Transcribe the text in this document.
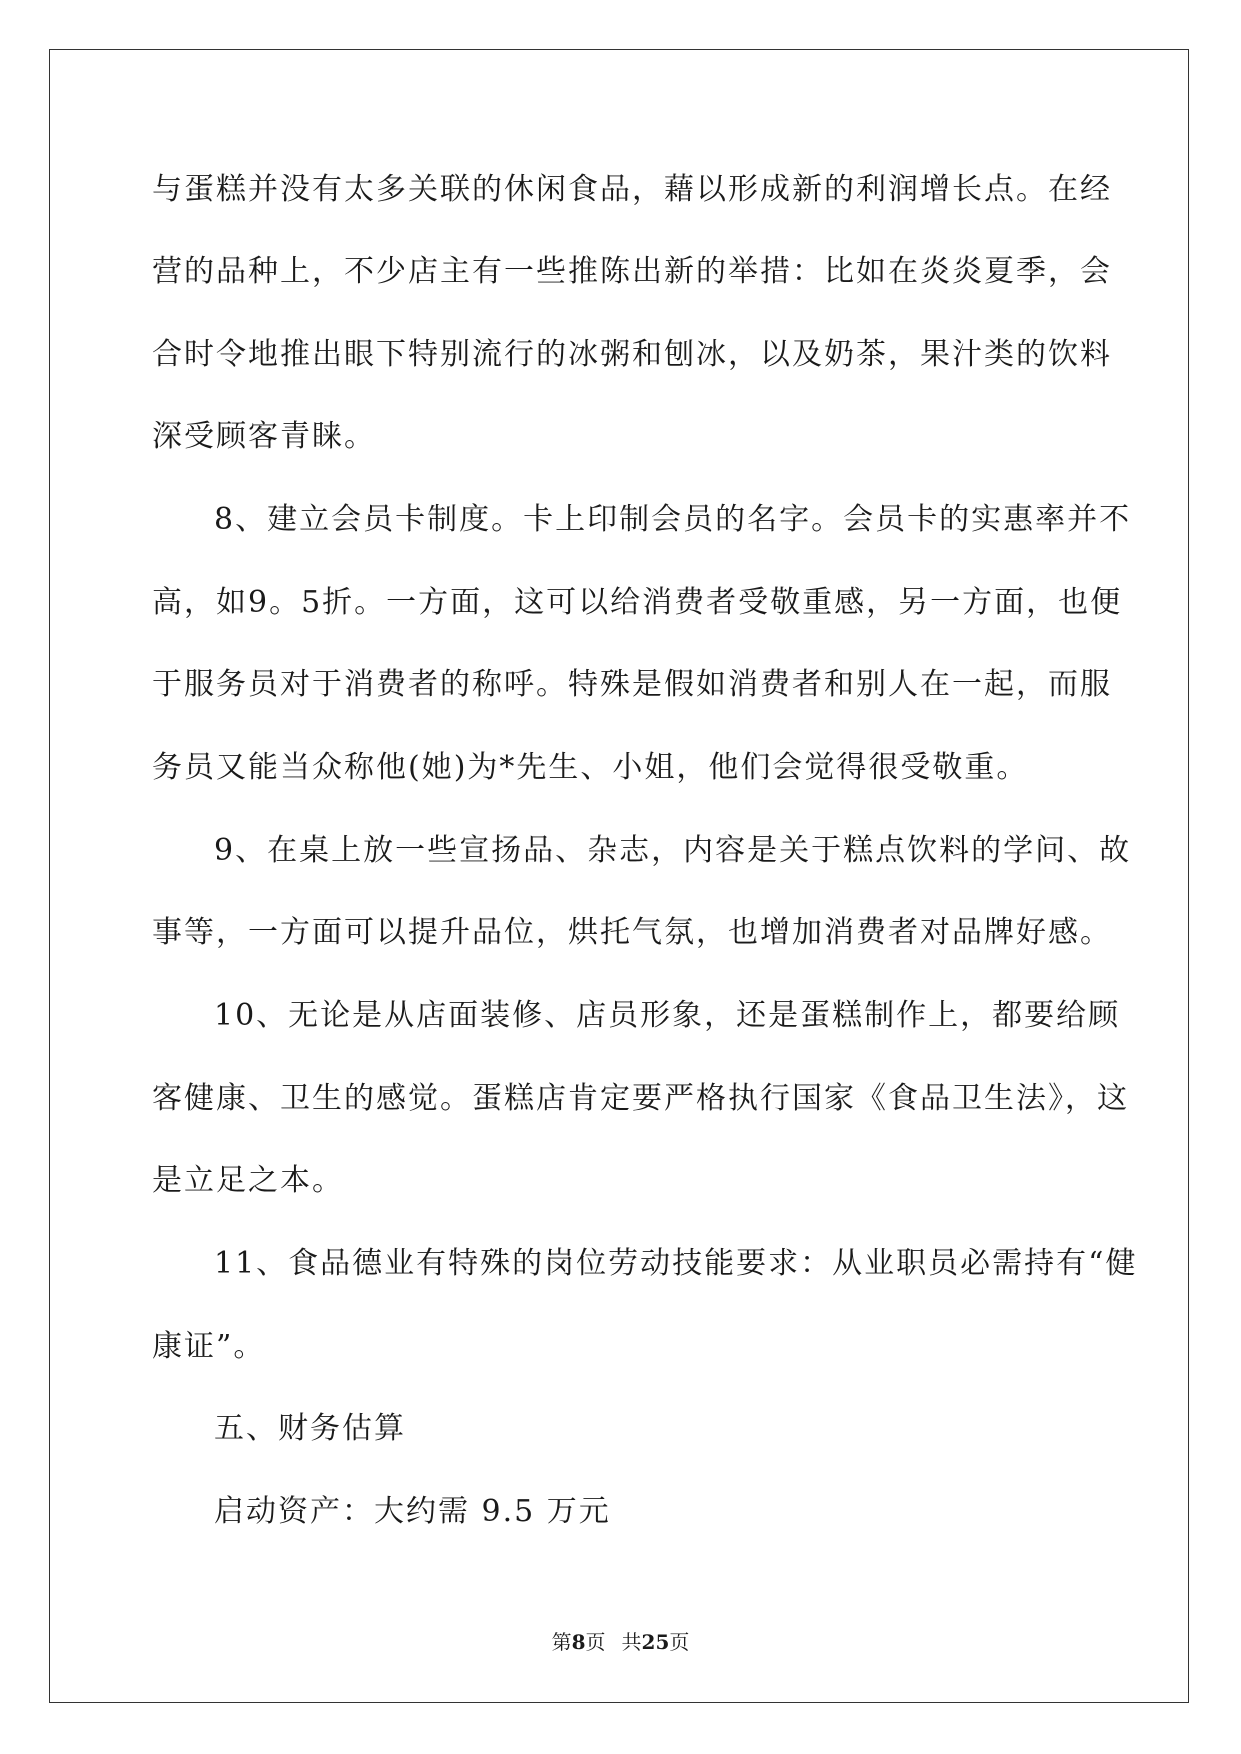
与蛋糕并没有太多关联的休闲食品，藉以形成新的利润增长点。在经
营的品种上，不少店主有一些推陈出新的举措：比如在炎炎夏季，会
合时令地推出眼下特别流行的冰粥和刨冰，以及奶茶，果汁类的饮料
深受顾客青睐。
8、建立会员卡制度。卡上印制会员的名字。会员卡的实惠率并不
高，如9。5折。一方面，这可以给消费者受敬重感，另一方面，也便
于服务员对于消费者的称呼。特殊是假如消费者和别人在一起，而服
务员又能当众称他(她)为*先生、小姐，他们会觉得很受敬重。
9、在桌上放一些宣扬品、杂志，内容是关于糕点饮料的学问、故
事等，一方面可以提升品位，烘托气氛，也增加消费者对品牌好感。
10、无论是从店面装修、店员形象，还是蛋糕制作上，都要给顾
客健康、卫生的感觉。蛋糕店肯定要严格执行国家《食品卫生法》，这
是立足之本。
11、食品德业有特殊的岗位劳动技能要求：从业职员必需持有“健
康证”。
五、财务估算
启动资产：大约需 9.5 万元
第8页 共25页
